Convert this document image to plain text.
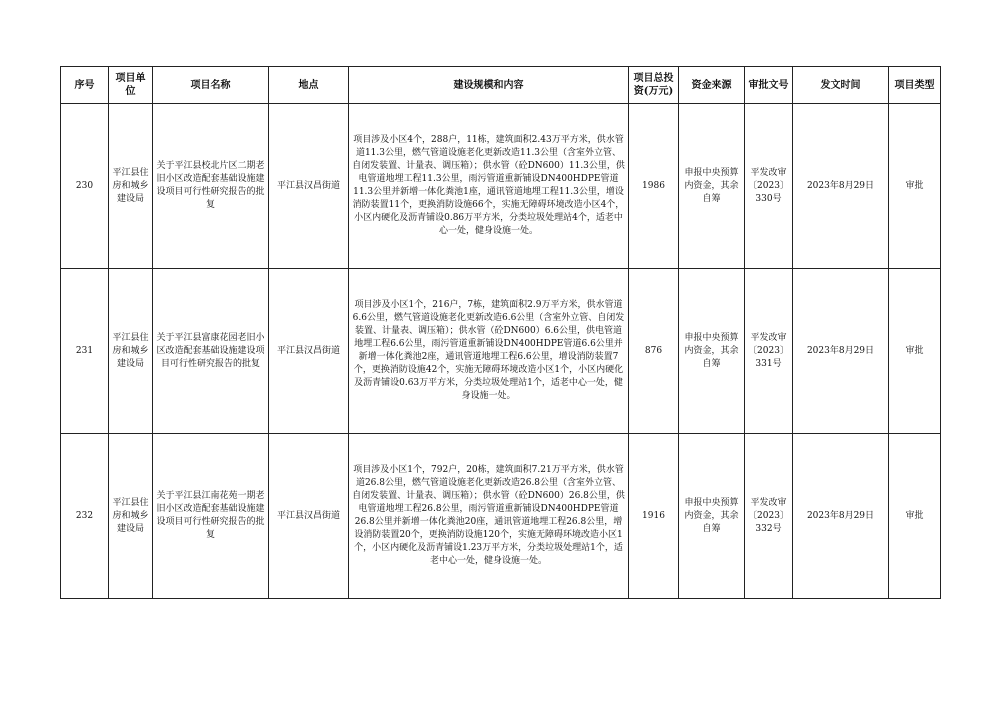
序号	项目单位	项目名称	地点	建设规模和内容	项目总投资(万元)	资金来源	审批文号	发文时间	项目类型
230	平江县住房和城乡建设局	关于平江县校北片区二期老旧小区改造配套基础设施建设项目可行性研究报告的批复	平江县汉昌街道	项目涉及小区4个，288户，11栋，建筑面积2.43万平方米，供水管道11.3公里，燃气管道设施老化更新改造11.3公里（含室外立管、自闭发装置、计量表、调压箱）；供水管（砼DN600）11.3公里，供电管道地埋工程11.3公里，雨污管道重新铺设DN400HDPE管道11.3公里并新增一体化粪池1座，通讯管道地埋工程11.3公里，增设消防装置11个，更换消防设施66个，实施无障碍环境改造小区4个，小区内硬化及沥青铺设0.86万平方米，分类垃圾处理站4个，适老中心一处，健身设施一处。	1986	申报中央预算内资金，其余自筹	平发改审〔2023〕330号	2023年8月29日	审批
231	平江县住房和城乡建设局	关于平江县富康花园老旧小区改造配套基础设施建设项目可行性研究报告的批复	平江县汉昌街道	项目涉及小区1个，216户，7栋，建筑面积2.9万平方米，供水管道6.6公里，燃气管道设施老化更新改造6.6公里（含室外立管、自闭发装置、计量表、调压箱）；供水管（砼DN600）6.6公里，供电管道地埋工程6.6公里，雨污管道重新铺设DN400HDPE管道6.6公里并新增一体化粪池2座，通讯管道地埋工程6.6公里，增设消防装置7个，更换消防设施42个，实施无障碍环境改造小区1个，小区内硬化及沥青铺设0.63万平方米，分类垃圾处理站1个，适老中心一处，健身设施一处。	876	申报中央预算内资金，其余自筹	平发改审〔2023〕331号	2023年8月29日	审批
232	平江县住房和城乡建设局	关于平江县江南花苑一期老旧小区改造配套基础设施建设项目可行性研究报告的批复	平江县汉昌街道	项目涉及小区1个，792户，20栋，建筑面积7.21万平方米，供水管道26.8公里，燃气管道设施老化更新改造26.8公里（含室外立管、自闭发装置、计量表、调压箱）；供水管（砼DN600）26.8公里，供电管道地埋工程26.8公里，雨污管道重新铺设DN400HDPE管道26.8公里并新增一体化粪池20座，通讯管道地埋工程26.8公里，增设消防装置20个，更换消防设施120个，实施无障碍环境改造小区1个，小区内硬化及沥青铺设1.23万平方米，分类垃圾处理站1个，适老中心一处，健身设施一处。	1916	申报中央预算内资金，其余自筹	平发改审〔2023〕332号	2023年8月29日	审批
